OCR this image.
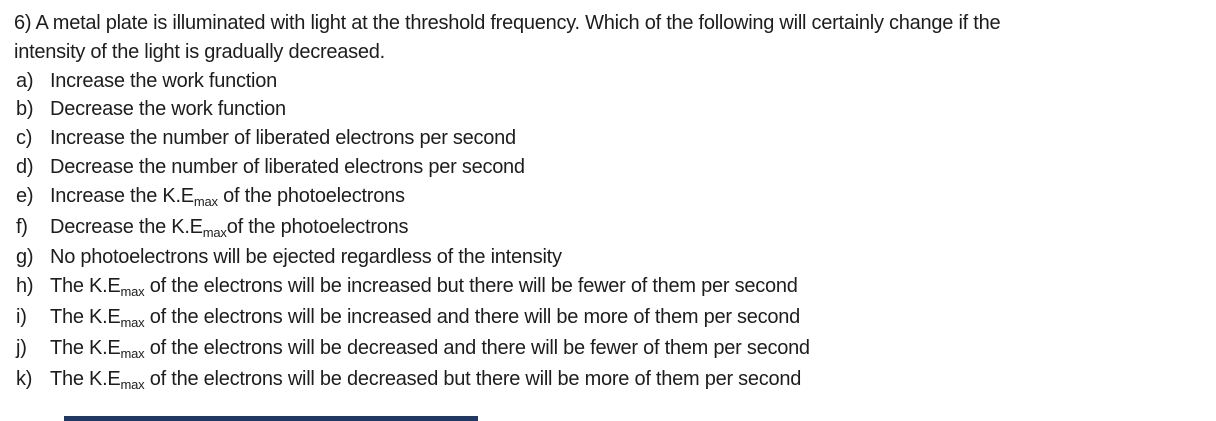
6) A metal plate is illuminated with light at the threshold frequency. Which of the following will certainly change if the
intensity of the light is gradually decreased.
a) Increase the work function
b) Decrease the work function
c) Increase the number of liberated electrons per second
d) Decrease the number of liberated electrons per second
e) Increase the $K.E_{max}$ of the photoelectrons
f)	Decrease the $K.E_{max}of$ the photoelectrons
g) No photoelectrons will be ejected regardless of the intensity
h) The $K.E_{max}$ of the electrons will be increased but there will be fewer of them per second
i)	The $K.E_{max}$ of the electrons will be increased and there will be more of them per second
j)	The $K.E_{max}$ of the electrons will be decreased and there will be fewer of them per second
k) The $K.E_{max}$ of the electrons will be decreased but there will be more of them per second
